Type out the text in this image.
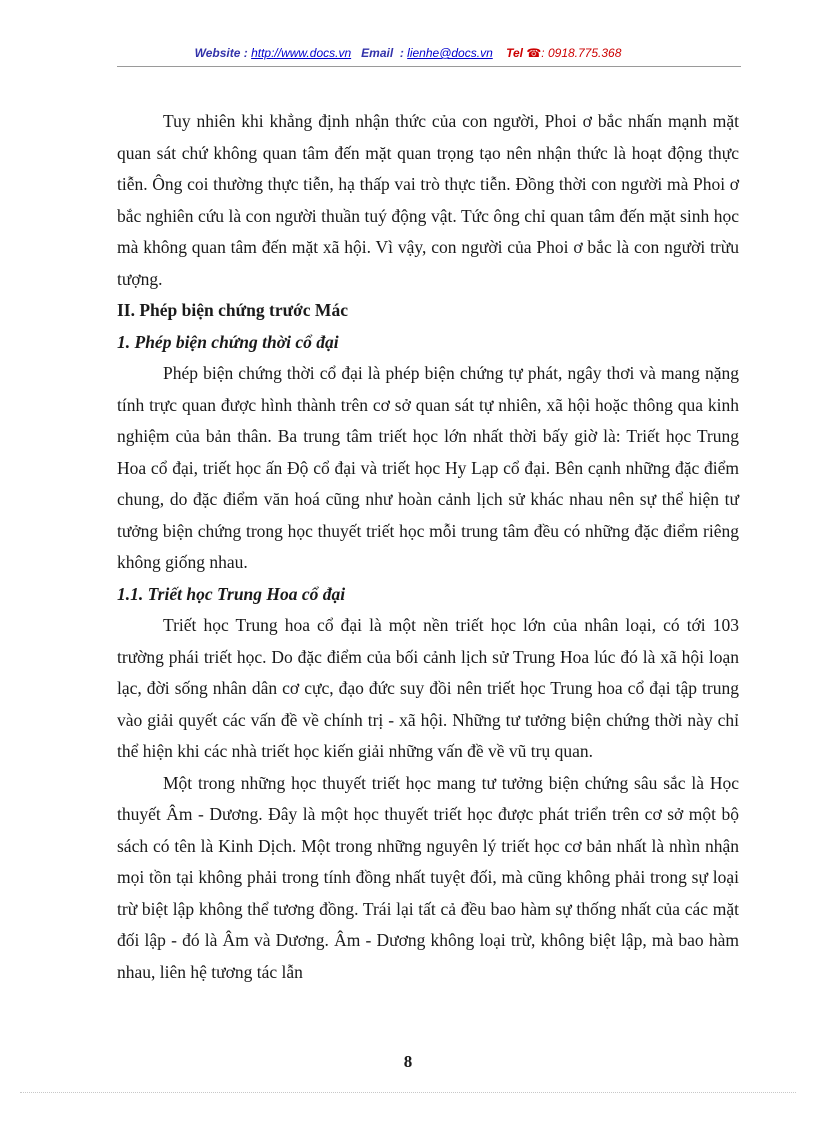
Website : http://www.docs.vn Email : lienhe@docs.vn Tel ☎: 0918.775.368

Tuy nhiên khi khẳng định nhận thức của con người, Phoi ơ bắc nhấn mạnh mặt quan sát chứ không quan tâm đến mặt quan trọng tạo nên nhận thức là hoạt động thực tiễn. Ông coi thường thực tiễn, hạ thấp vai trò thực tiễn. Đồng thời con người mà Phoi ơ bắc nghiên cứu là con người thuần tuý động vật. Tức ông chỉ quan tâm đến mặt sinh học mà không quan tâm đến mặt xã hội. Vì vậy, con người của Phoi ơ bắc là con người trừu tượng.

II. Phép biện chứng trước Mác
1. Phép biện chứng thời cổ đại

Phép biện chứng thời cổ đại là phép biện chứng tự phát, ngây thơi và mang nặng tính trực quan được hình thành trên cơ sở quan sát tự nhiên, xã hội hoặc thông qua kinh nghiệm của bản thân. Ba trung tâm triết học lớn nhất thời bấy giờ là: Triết học Trung Hoa cổ đại, triết học ấn Độ cổ đại và triết học Hy Lạp cổ đại. Bên cạnh những đặc điểm chung, do đặc điểm văn hoá cũng như hoàn cảnh lịch sử khác nhau nên sự thể hiện tư tưởng biện chứng trong học thuyết triết học mỗi trung tâm đều có những đặc điểm riêng không giống nhau.

1.1. Triết học Trung Hoa cổ đại

Triết học Trung hoa cổ đại là một nền triết học lớn của nhân loại, có tới 103 trường phái triết học. Do đặc điểm của bối cảnh lịch sử Trung Hoa lúc đó là xã hội loạn lạc, đời sống nhân dân cơ cực, đạo đức suy đồi nên triết học Trung hoa cổ đại tập trung vào giải quyết các vấn đề về chính trị - xã hội. Những tư tưởng biện chứng thời này chỉ thể hiện khi các nhà triết học kiến giải những vấn đề về vũ trụ quan.

Một trong những học thuyết triết học mang tư tưởng biện chứng sâu sắc là Học thuyết Âm - Dương. Đây là một học thuyết triết học được phát triển trên cơ sở một bộ sách có tên là Kinh Dịch. Một trong những nguyên lý triết học cơ bản nhất là nhìn nhận mọi tồn tại không phải trong tính đồng nhất tuyệt đối, mà cũng không phải trong sự loại trừ biệt lập không thể tương đồng. Trái lại tất cả đều bao hàm sự thống nhất của các mặt đối lập - đó là Âm và Dương. Âm - Dương không loại trừ, không biệt lập, mà bao hàm nhau, liên hệ tương tác lẫn

8
